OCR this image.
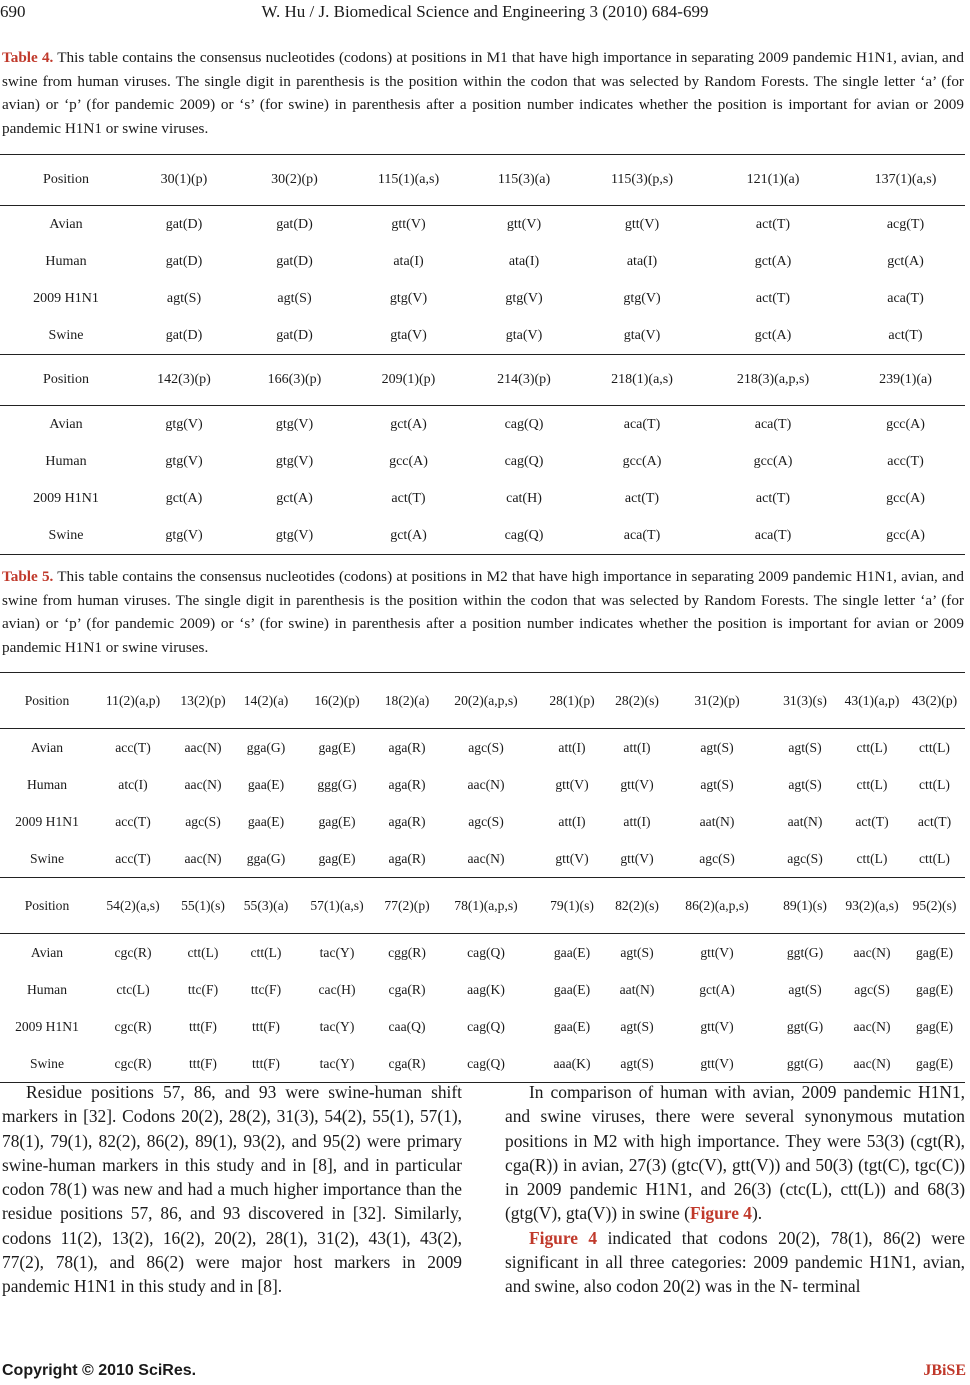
690	W. Hu / J. Biomedical Science and Engineering 3 (2010) 684-699
Table 4. This table contains the consensus nucleotides (codons) at positions in M1 that have high importance in separating 2009 pandemic H1N1, avian, and swine from human viruses. The single digit in parenthesis is the position within the codon that was selected by Random Forests. The single letter ‘a’ (for avian) or ‘p’ (for pandemic 2009) or ‘s’ (for swine) in parenthesis after a position number indicates whether the position is important for avian or 2009 pandemic H1N1 or swine viruses.
Position	30(1)(p)	30(2)(p)	115(1)(a,s)	115(3)(a)	115(3)(p,s)	121(1)(a)	137(1)(a,s)
Avian	gat(D)	gat(D)	gtt(V)	gtt(V)	gtt(V)	act(T)	acg(T)
Human	gat(D)	gat(D)	ata(I)	ata(I)	ata(I)	gct(A)	gct(A)
2009 H1N1	agt(S)	agt(S)	gtg(V)	gtg(V)	gtg(V)	act(T)	aca(T)
Swine	gat(D)	gat(D)	gta(V)	gta(V)	gta(V)	gct(A)	act(T)
Position	142(3)(p)	166(3)(p)	209(1)(p)	214(3)(p)	218(1)(a,s)	218(3)(a,p,s)	239(1)(a)
Avian	gtg(V)	gtg(V)	gct(A)	cag(Q)	aca(T)	aca(T)	gcc(A)
Human	gtg(V)	gtg(V)	gcc(A)	cag(Q)	gcc(A)	gcc(A)	acc(T)
2009 H1N1	gct(A)	gct(A)	act(T)	cat(H)	act(T)	act(T)	gcc(A)
Swine	gtg(V)	gtg(V)	gct(A)	cag(Q)	aca(T)	aca(T)	gcc(A)
Table 5. This table contains the consensus nucleotides (codons) at positions in M2 that have high importance in separating 2009 pandemic H1N1, avian, and swine from human viruses. The single digit in parenthesis is the position within the codon that was selected by Random Forests. The single letter ‘a’ (for avian) or ‘p’ (for pandemic 2009) or ‘s’ (for swine) in parenthesis after a position number indicates whether the position is important for avian or 2009 pandemic H1N1 or swine viruses.
Position	11(2)(a,p)	13(2)(p)	14(2)(a)	16(2)(p)	18(2)(a)	20(2)(a,p,s)	28(1)(p)	28(2)(s)	31(2)(p)	31(3)(s)	43(1)(a,p)	43(2)(p)
Avian	acc(T)	aac(N)	gga(G)	gag(E)	aga(R)	agc(S)	att(I)	att(I)	agt(S)	agt(S)	ctt(L)	ctt(L)
Human	atc(I)	aac(N)	gaa(E)	ggg(G)	aga(R)	aac(N)	gtt(V)	gtt(V)	agt(S)	agt(S)	ctt(L)	ctt(L)
2009 H1N1	acc(T)	agc(S)	gaa(E)	gag(E)	aga(R)	agc(S)	att(I)	att(I)	aat(N)	aat(N)	act(T)	act(T)
Swine	acc(T)	aac(N)	gga(G)	gag(E)	aga(R)	aac(N)	gtt(V)	gtt(V)	agc(S)	agc(S)	ctt(L)	ctt(L)
Position	54(2)(a,s)	55(1)(s)	55(3)(a)	57(1)(a,s)	77(2)(p)	78(1)(a,p,s)	79(1)(s)	82(2)(s)	86(2)(a,p,s)	89(1)(s)	93(2)(a,s)	95(2)(s)
Avian	cgc(R)	ctt(L)	ctt(L)	tac(Y)	cgg(R)	cag(Q)	gaa(E)	agt(S)	gtt(V)	ggt(G)	aac(N)	gag(E)
Human	ctc(L)	ttc(F)	ttc(F)	cac(H)	cga(R)	aag(K)	gaa(E)	aat(N)	gct(A)	agt(S)	agc(S)	gag(E)
2009 H1N1	cgc(R)	ttt(F)	ttt(F)	tac(Y)	caa(Q)	cag(Q)	gaa(E)	agt(S)	gtt(V)	ggt(G)	aac(N)	gag(E)
Swine	cgc(R)	ttt(F)	ttt(F)	tac(Y)	cga(R)	cag(Q)	aaa(K)	agt(S)	gtt(V)	ggt(G)	aac(N)	gag(E)

Residue positions 57, 86, and 93 were swine-human shift markers in [32]. Codons 20(2), 28(2), 31(3), 54(2), 55(1), 57(1), 78(1), 79(1), 82(2), 86(2), 89(1), 93(2), and 95(2) were primary swine-human markers in this study and in [8], and in particular codon 78(1) was new and had a much higher importance than the residue positions 57, 86, and 93 discovered in [32]. Similarly, codons 11(2), 13(2), 16(2), 20(2), 28(1), 31(2), 43(1), 43(2), 77(2), 78(1), and 86(2) were major host markers in 2009 pandemic H1N1 in this study and in [8].

In comparison of human with avian, 2009 pandemic H1N1, and swine viruses, there were several synonymous mutation positions in M2 with high importance. They were 53(3) (cgt(R), cga(R)) in avian, 27(3) (gtc(V), gtt(V)) and 50(3) (tgt(C), tgc(C)) in 2009 pandemic H1N1, and 26(3) (ctc(L), ctt(L)) and 68(3) (gtg(V), gta(V)) in swine (Figure 4).

Figure 4 indicated that codons 20(2), 78(1), 86(2) were significant in all three categories: 2009 pandemic H1N1, avian, and swine, also codon 20(2) was in the N- terminal

Copyright © 2010 SciRes.	JBiSE
